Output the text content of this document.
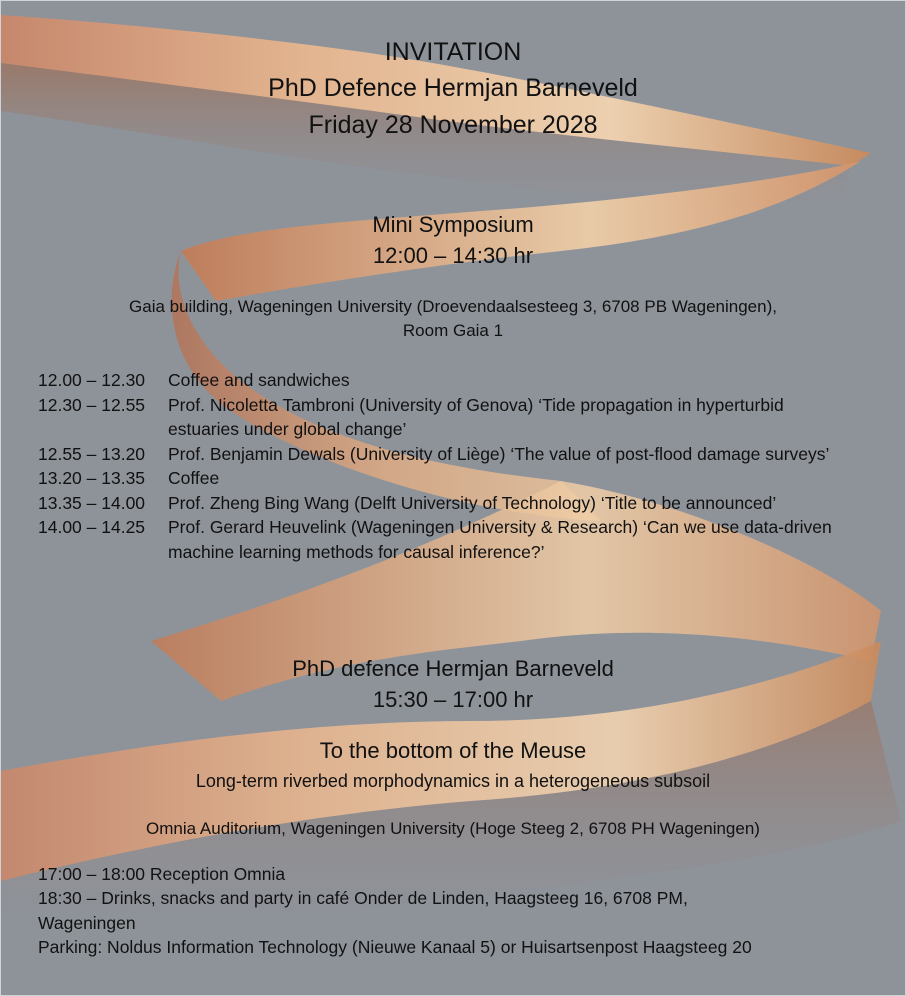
INVITATION
PhD Defence Hermjan Barneveld
Friday 28 November 2028
Mini Symposium
12:00 – 14:30 hr
Gaia building, Wageningen University (Droevendaalsesteeg 3, 6708 PB Wageningen),
Room Gaia 1
12.00 – 12.30	Coffee and sandwiches
12.30 – 12.55	Prof. Nicoletta Tambroni (University of Genova) ‘Tide propagation in hyperturbid estuaries under global change’
12.55 – 13.20	Prof. Benjamin Dewals (University of Liège) ‘The value of post-flood damage surveys’
13.20 – 13.35	Coffee
13.35 – 14.00	Prof. Zheng Bing Wang (Delft University of Technology) ‘Title to be announced’
14.00 – 14.25	Prof. Gerard Heuvelink (Wageningen University & Research) ‘Can we use data-driven machine learning methods for causal inference?’
PhD defence Hermjan Barneveld
15:30 – 17:00 hr
To the bottom of the Meuse
Long-term riverbed morphodynamics in a heterogeneous subsoil
Omnia Auditorium, Wageningen University (Hoge Steeg 2, 6708 PH Wageningen)
17:00 – 18:00 Reception Omnia
18:30 – Drinks, snacks and party in café Onder de Linden, Haagsteeg 16, 6708 PM,
Wageningen
Parking: Noldus Information Technology (Nieuwe Kanaal 5) or Huisartsenpost Haagsteeg 20
